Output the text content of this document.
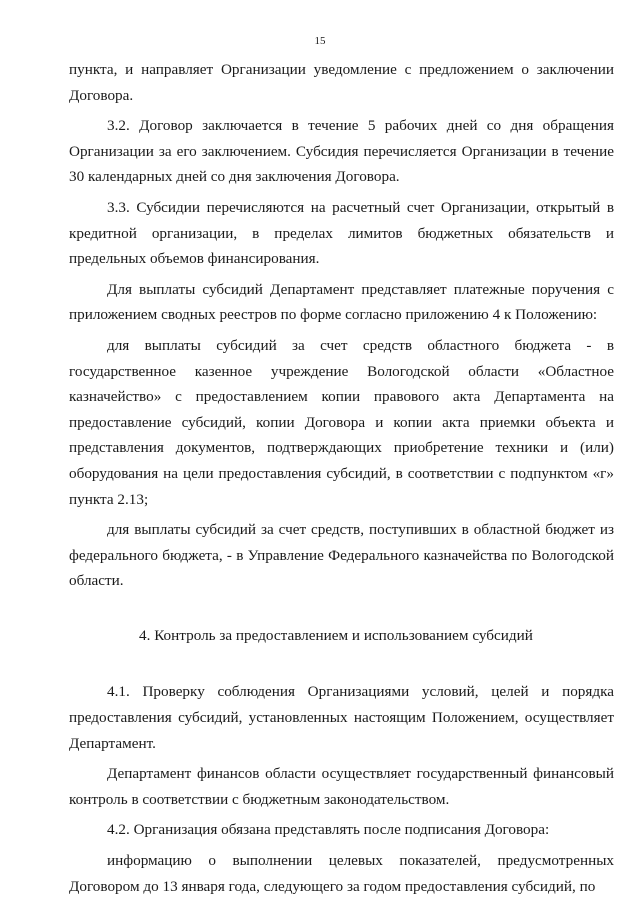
15

пункта, и направляет Организации уведомление с предложением о заключении Договора.

3.2. Договор заключается в течение 5 рабочих дней со дня обращения Организации за его заключением. Субсидия перечисляется Организации в течение 30 календарных дней со дня заключения Договора.

3.3. Субсидии перечисляются на расчетный счет Организации, открытый в кредитной организации, в пределах лимитов бюджетных обязательств и предельных объемов финансирования.

Для выплаты субсидий Департамент представляет платежные поручения с приложением сводных реестров по форме согласно приложению 4 к Положению:

для выплаты субсидий за счет средств областного бюджета - в государственное казенное учреждение Вологодской области «Областное казначейство» с предоставлением копии правового акта Департамента на предоставление субсидий, копии Договора и копии акта приемки объекта и представления документов, подтверждающих приобретение техники и (или) оборудования на цели предоставления субсидий, в соответствии с подпунктом «г» пункта 2.13;

для выплаты субсидий за счет средств, поступивших в областной бюджет из федерального бюджета, - в Управление Федерального казначейства по Вологодской области.

4. Контроль за предоставлением и использованием субсидий

4.1. Проверку соблюдения Организациями условий, целей и порядка предоставления субсидий, установленных настоящим Положением, осуществляет Департамент.

Департамент финансов области осуществляет государственный финансовый контроль в соответствии с бюджетным законодательством.

4.2. Организация обязана представлять после подписания Договора:

информацию о выполнении целевых показателей, предусмотренных Договором до 13 января года, следующего за годом предоставления субсидий, по
